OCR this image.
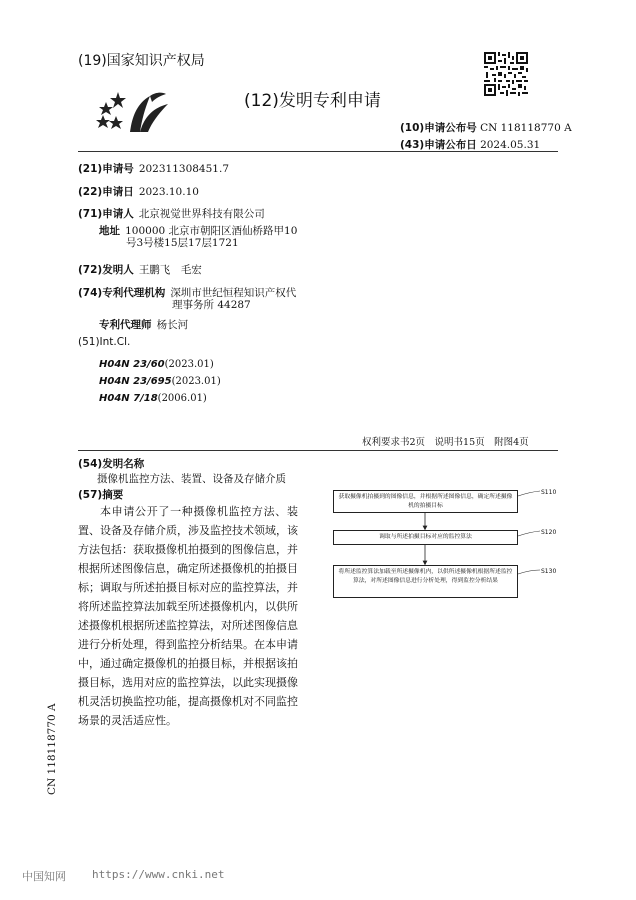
(19)国家知识产权局
(12)发明专利申请
(10)申请公布号 CN 118118770 A
(43)申请公布日 2024.05.31
(21)申请号 202311308451.7
(22)申请日 2023.10.10
(71)申请人 北京视觉世界科技有限公司
地址 100000 北京市朝阳区酒仙桥路甲10
号3号楼15层17层1721
(72)发明人 王鹏飞　毛宏
(74)专利代理机构 深圳市世纪恒程知识产权代
理事务所 44287
专利代理师 杨长河
(51)Int.Cl.
H04N 23/60(2023.01)
H04N 23/695(2023.01)
H04N 7/18(2006.01)
权利要求书2页　说明书15页　附图4页
(54)发明名称
摄像机监控方法、装置、设备及存储介质
(57)摘要
本申请公开了一种摄像机监控方法、装置、设备及存储介质，涉及监控技术领域，该方法包括：获取摄像机拍摄到的图像信息，并根据所述图像信息，确定所述摄像机的拍摄目标；调取与所述拍摄目标对应的监控算法，并将所述监控算法加载至所述摄像机内，以供所述摄像机根据所述监控算法，对所述图像信息进行分析处理，得到监控分析结果。在本申请中，通过确定摄像机的拍摄目标，并根据该拍摄目标，选用对应的监控算法，以此实现摄像机灵活切换监控功能，提高摄像机对不同监控场景的灵活适应性。
获取摄像机拍摄到的图像信息，并根据所述图像信息，确定所述摄像机的拍摄目标
S110
调取与所述拍摄目标对应的监控算法
S120
将所述监控算法加载至所述摄像机内，以供所述摄像机根据所述监控算法，对所述图像信息进行分析处理，得到监控分析结果
S130
CN 118118770 A
中国知网 https://www.cnki.net
